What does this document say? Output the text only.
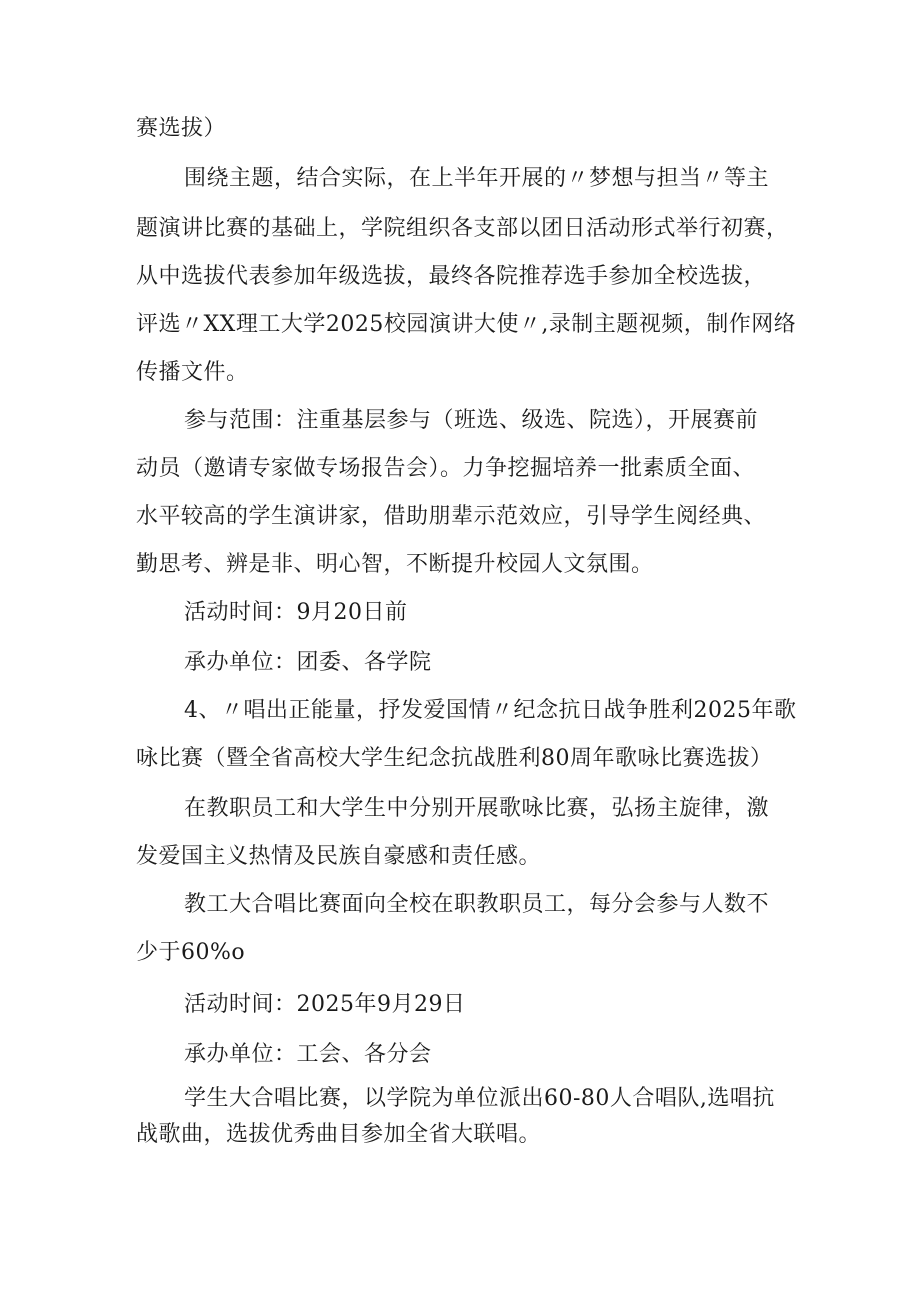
赛选拔）
围绕主题，结合实际，在上半年开展的〃梦想与担当〃等主
题演讲比赛的基础上，学院组织各支部以团日活动形式举行初赛，
从中选拔代表参加年级选拔，最终各院推荐选手参加全校选拔，
评选〃XX理工大学2025校园演讲大使〃,录制主题视频，制作网络
传播文件。
参与范围：注重基层参与（班选、级选、院选），开展赛前
动员（邀请专家做专场报告会）。力争挖掘培养一批素质全面、
水平较高的学生演讲家，借助朋辈示范效应，引导学生阅经典、
勤思考、辨是非、明心智，不断提升校园人文氛围。
活动时间：9月20日前
承办单位：团委、各学院
4、〃唱出正能量，抒发爱国情〃纪念抗日战争胜利2025年歌
咏比赛（暨全省高校大学生纪念抗战胜利80周年歌咏比赛选拔）
在教职员工和大学生中分别开展歌咏比赛，弘扬主旋律，激
发爱国主义热情及民族自豪感和责任感。
教工大合唱比赛面向全校在职教职员工，每分会参与人数不
少于60%o
活动时间：2025年9月29日
承办单位：工会、各分会
学生大合唱比赛，以学院为单位派出60-80人合唱队,选唱抗
战歌曲，选拔优秀曲目参加全省大联唱。
